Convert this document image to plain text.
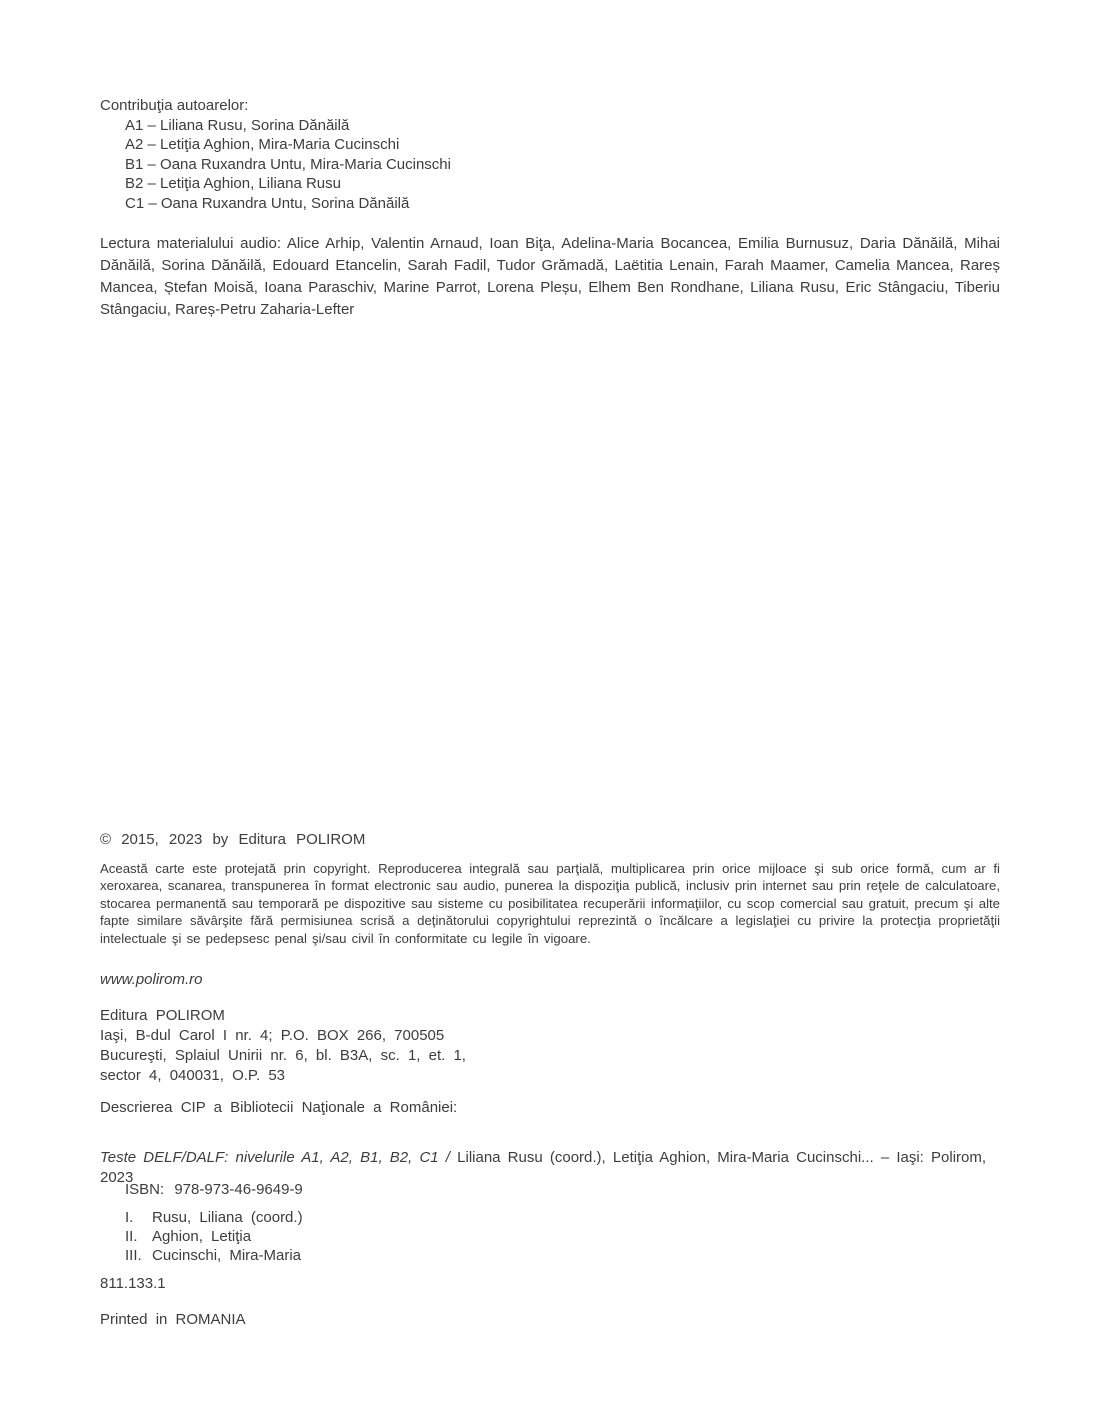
Contribuţia autoarelor:
A1 – Liliana Rusu, Sorina Dănăilă
A2 – Letiţia Aghion, Mira-Maria Cucinschi
B1 – Oana Ruxandra Untu, Mira-Maria Cucinschi
B2 – Letiţia Aghion, Liliana Rusu
C1 – Oana Ruxandra Untu, Sorina Dănăilă
Lectura materialului audio: Alice Arhip, Valentin Arnaud, Ioan Biţa, Adelina-Maria Bocancea, Emilia Burnusuz, Daria Dănăilă, Mihai Dănăilă, Sorina Dănăilă, Edouard Etancelin, Sarah Fadil, Tudor Grămadă, Laëtitia Lenain, Farah Maamer, Camelia Mancea, Rareș Mancea, Ștefan Moisă, Ioana Paraschiv, Marine Parrot, Lorena Pleșu, Elhem Ben Rondhane, Liliana Rusu, Eric Stângaciu, Tiberiu Stângaciu, Rareș-Petru Zaharia-Lefter
© 2015, 2023 by Editura POLIROM
Această carte este protejată prin copyright. Reproducerea integrală sau parţială, multiplicarea prin orice mijloace şi sub orice formă, cum ar fi xeroxarea, scanarea, transpunerea în format electronic sau audio, punerea la dispoziţia publică, inclusiv prin internet sau prin reţele de calculatoare, stocarea permanentă sau temporară pe dispozitive sau sisteme cu posibilitatea recuperării informaţiilor, cu scop comercial sau gratuit, precum şi alte fapte similare săvârşite fără permisiunea scrisă a deţinătorului copyrightului reprezintă o încălcare a legislaţiei cu privire la protecţia proprietăţii intelectuale şi se pedepsesc penal şi/sau civil în conformitate cu legile în vigoare.
www.polirom.ro
Editura POLIROM
Iaşi, B-dul Carol I nr. 4; P.O. BOX 266, 700505
Bucureşti, Splaiul Unirii nr. 6, bl. B3A, sc. 1, et. 1,
sector 4, 040031, O.P. 53
Descrierea CIP a Bibliotecii Naţionale a României:
Teste DELF/DALF: nivelurile A1, A2, B1, B2, C1 / Liliana Rusu (coord.), Letiţia Aghion, Mira-Maria Cucinschi... – Iaşi: Polirom, 2023
ISBN: 978-973-46-9649-9
I.	Rusu, Liliana (coord.)
II. Aghion, Letiţia
III. Cucinschi, Mira-Maria
811.133.1
Printed in ROMANIA
